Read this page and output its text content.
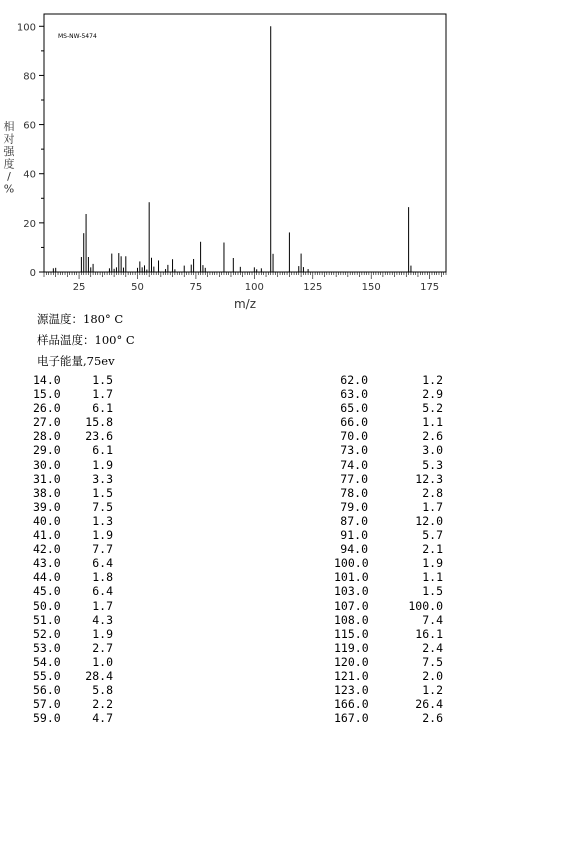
0
20
40
60
80
100
25	50	75	100	125	150	175
m/z
相
对
强
度
/
%
MS-NW-5474
源温度：180° C
样品温度：100° C
电子能量,75ev
14.0	1.5
15.0	1.7
26.0	6.1
27.0	15.8
28.0	23.6
29.0	6.1
30.0	1.9
31.0	3.3
38.0	1.5
39.0	7.5
40.0	1.3
41.0	1.9
42.0	7.7
43.0	6.4
44.0	1.8
45.0	6.4
50.0	1.7
51.0	4.3
52.0	1.9
53.0	2.7
54.0	1.0
55.0	28.4
56.0	5.8
57.0	2.2
59.0	4.7
62.0	1.2
63.0	2.9
65.0	5.2
66.0	1.1
70.0	2.6
73.0	3.0
74.0	5.3
77.0	12.3
78.0	2.8
79.0	1.7
87.0	12.0
91.0	5.7
94.0	2.1
100.0	1.9
101.0	1.1
103.0	1.5
107.0	100.0
108.0	7.4
115.0	16.1
119.0	2.4
120.0	7.5
121.0	2.0
123.0	1.2
166.0	26.4
167.0	2.6
